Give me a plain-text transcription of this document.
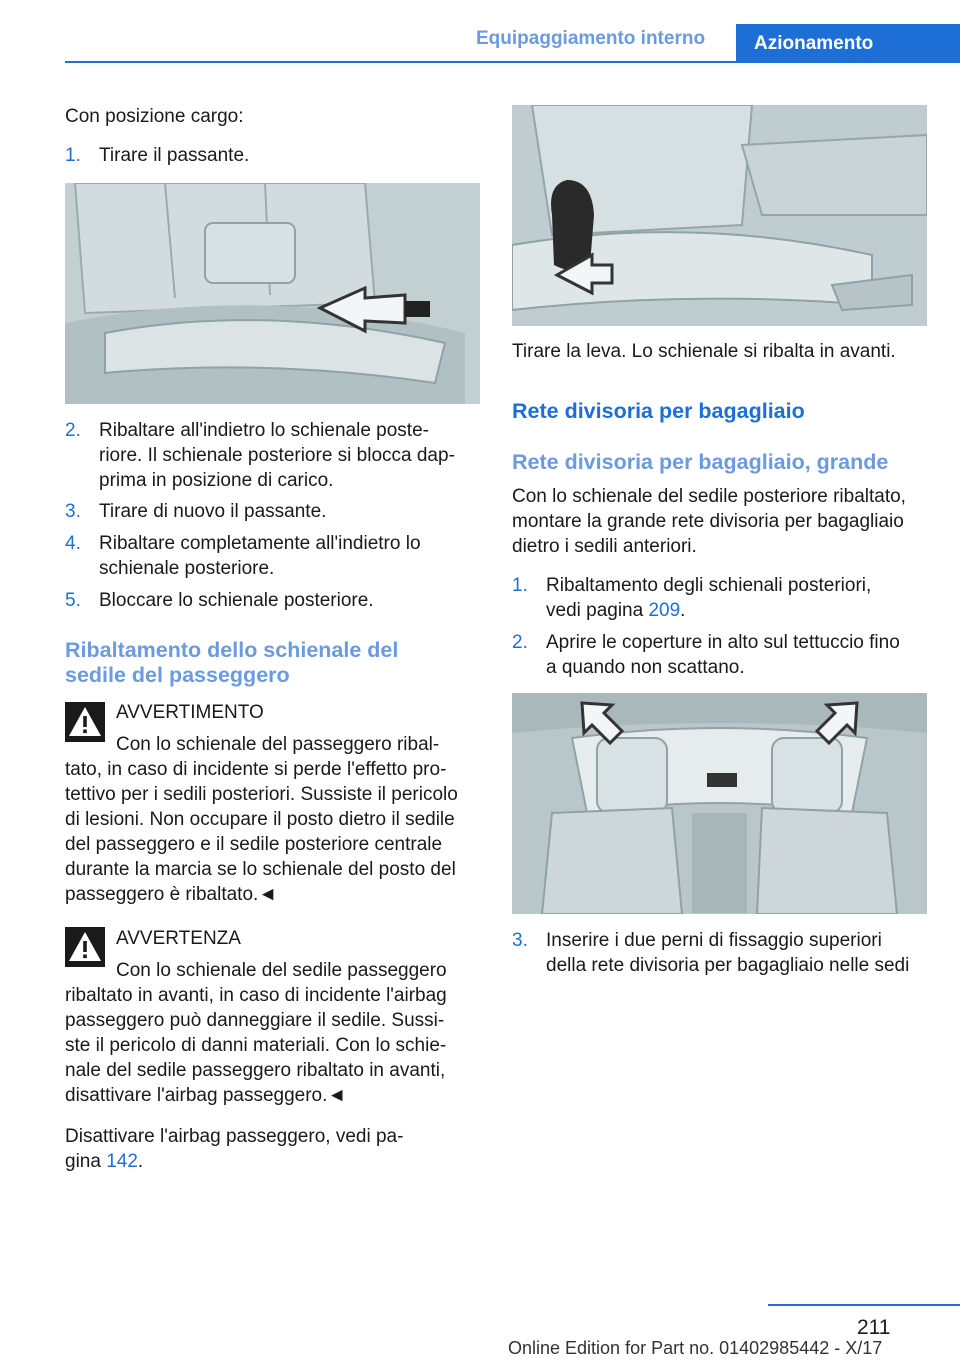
Equipaggiamento interno	Azionamento
Con posizione cargo:
1. Tirare il passante.
2. Ribaltare all'indietro lo schienale poste‐
riore. Il schienale posteriore si blocca dap‐
prima in posizione di carico.
3. Tirare di nuovo il passante.
4. Ribaltare completamente all'indietro lo
schienale posteriore.
5. Bloccare lo schienale posteriore.
Ribaltamento dello schienale del
sedile del passeggero
AVVERTIMENTO
Con lo schienale del passeggero ribal‐
tato, in caso di incidente si perde l'effetto pro‐
tettivo per i sedili posteriori. Sussiste il pericolo
di lesioni. Non occupare il posto dietro il sedile
del passeggero e il sedile posteriore centrale
durante la marcia se lo schienale del posto del
passeggero è ribaltato.◄
AVVERTENZA
Con lo schienale del sedile passeggero
ribaltato in avanti, in caso di incidente l'airbag
passeggero può danneggiare il sedile. Sussi‐
ste il pericolo di danni materiali. Con lo schie‐
nale del sedile passeggero ribaltato in avanti,
disattivare l'airbag passeggero.◄
Disattivare l'airbag passeggero, vedi pa‐
gina 142.
Tirare la leva. Lo schienale si ribalta in avanti.
Rete divisoria per bagagliaio
Rete divisoria per bagagliaio, grande
Con lo schienale del sedile posteriore ribaltato,
montare la grande rete divisoria per bagagliaio
dietro i sedili anteriori.
1. Ribaltamento degli schienali posteriori,
vedi pagina 209.
2. Aprire le coperture in alto sul tettuccio fino
a quando non scattano.
3. Inserire i due perni di fissaggio superiori
della rete divisoria per bagagliaio nelle sedi
211
Online Edition for Part no. 01402985442 - X/17
